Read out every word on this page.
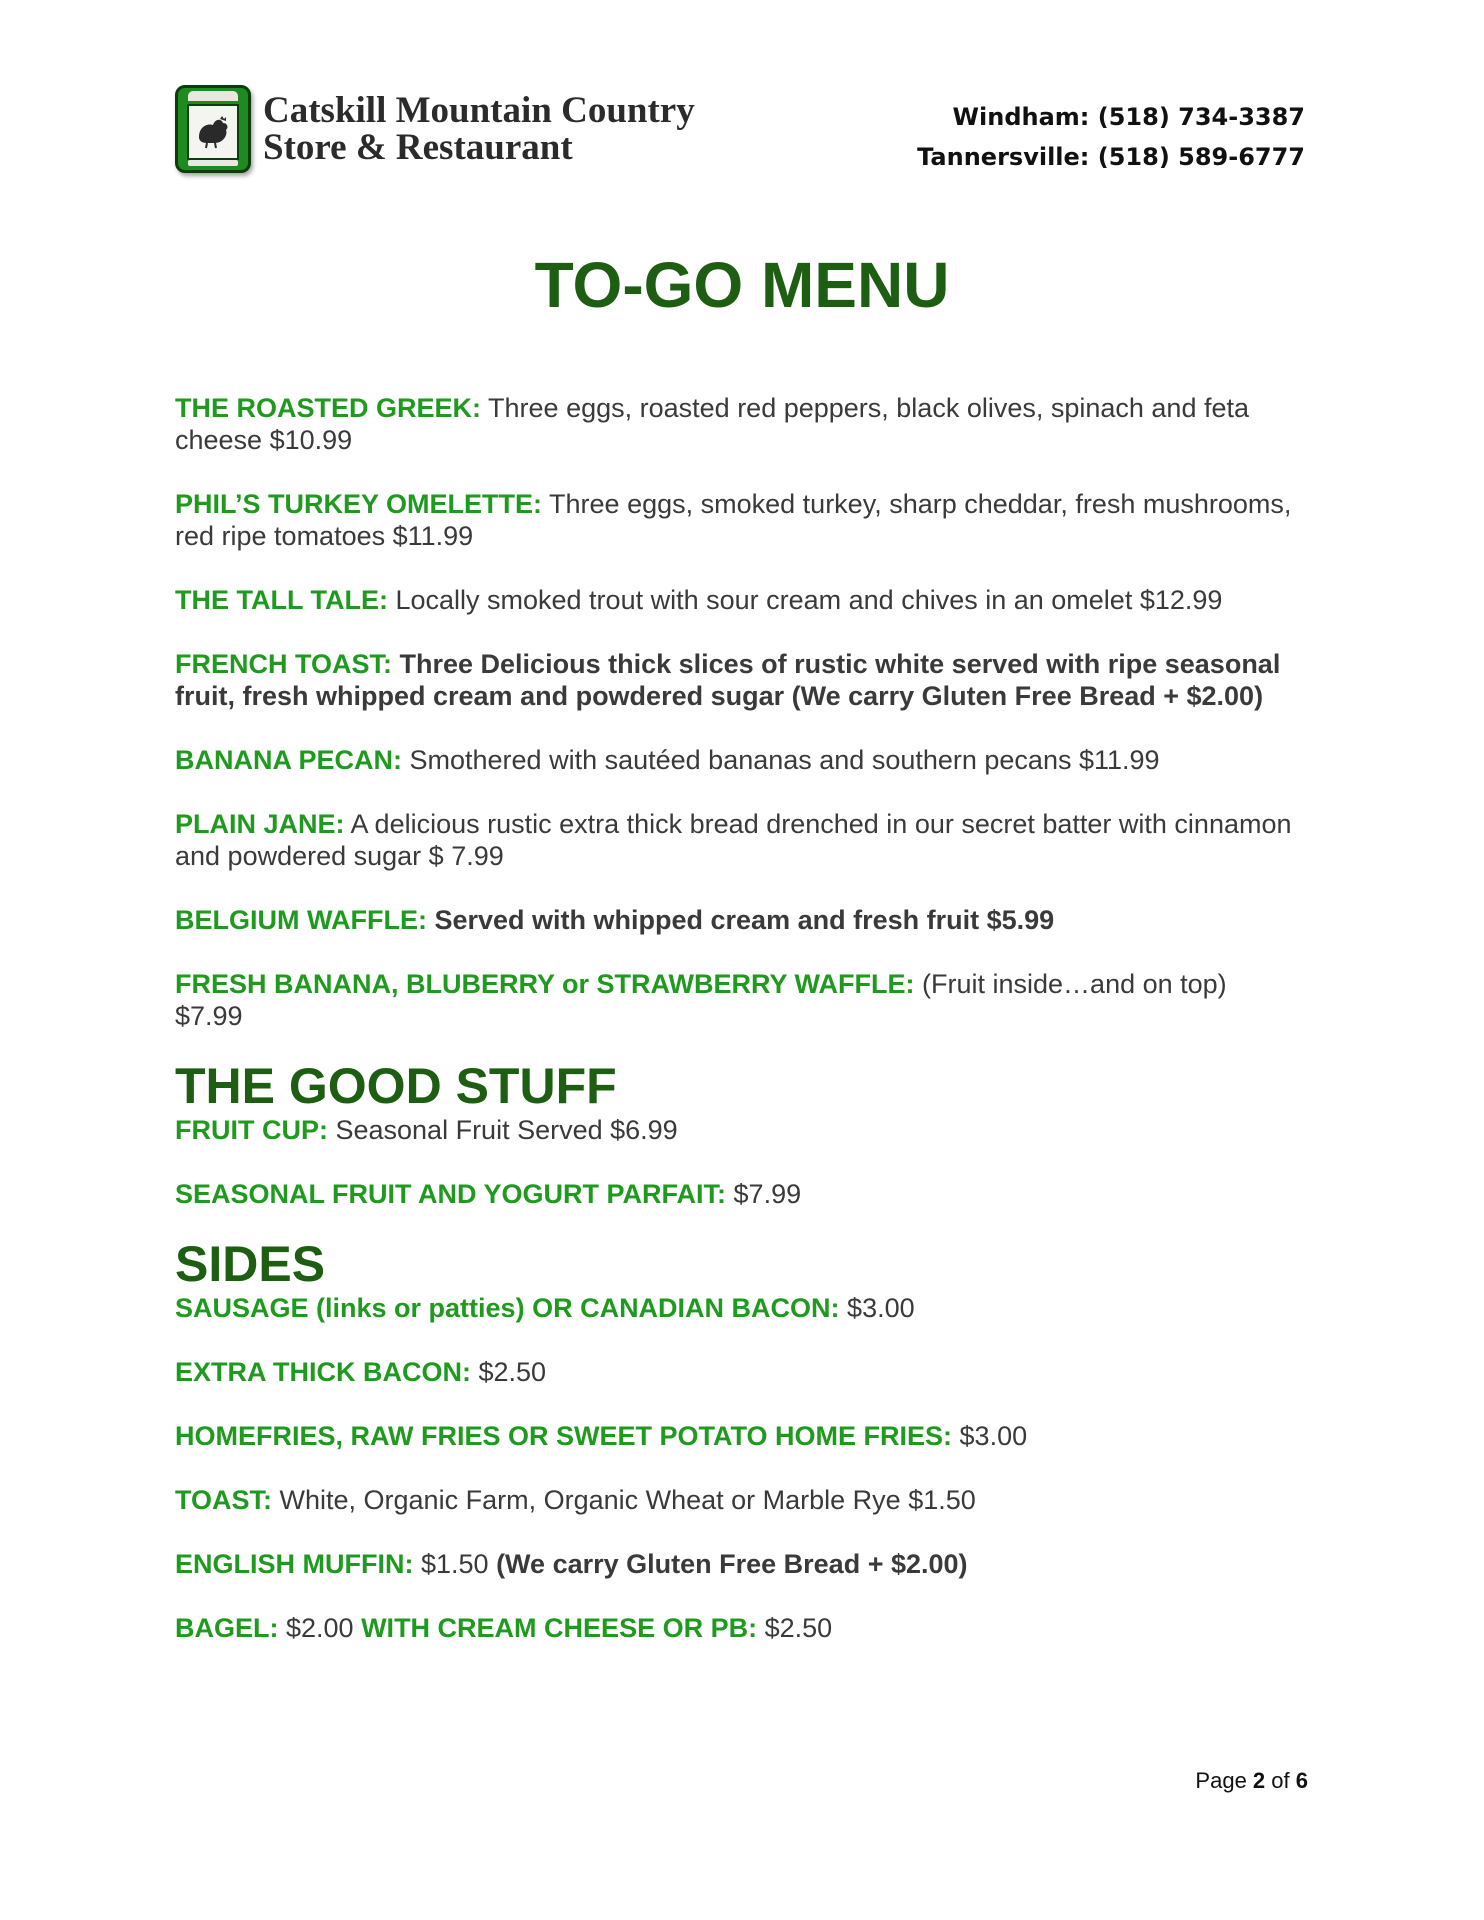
Catskill Mountain Country
Store & Restaurant
Windham: (518) 734-3387
Tannersville: (518) 589-6777
TO-GO MENU

THE ROASTED GREEK: Three eggs, roasted red peppers, black olives, spinach and feta cheese $10.99

PHIL’S TURKEY OMELETTE: Three eggs, smoked turkey, sharp cheddar, fresh mushrooms, red ripe tomatoes $11.99

THE TALL TALE: Locally smoked trout with sour cream and chives in an omelet $12.99

FRENCH TOAST: Three Delicious thick slices of rustic white served with ripe seasonal fruit, fresh whipped cream and powdered sugar (We carry Gluten Free Bread + $2.00)

BANANA PECAN: Smothered with sautéed bananas and southern pecans $11.99

PLAIN JANE: A delicious rustic extra thick bread drenched in our secret batter with cinnamon and powdered sugar $ 7.99

BELGIUM WAFFLE: Served with whipped cream and fresh fruit $5.99

FRESH BANANA, BLUBERRY or STRAWBERRY WAFFLE: (Fruit inside…and on top) $7.99

THE GOOD STUFF

FRUIT CUP: Seasonal Fruit Served $6.99

SEASONAL FRUIT AND YOGURT PARFAIT: $7.99

SIDES

SAUSAGE (links or patties) OR CANADIAN BACON: $3.00

EXTRA THICK BACON: $2.50

HOMEFRIES, RAW FRIES OR SWEET POTATO HOME FRIES: $3.00

TOAST: White, Organic Farm, Organic Wheat or Marble Rye $1.50

ENGLISH MUFFIN: $1.50 (We carry Gluten Free Bread + $2.00)

BAGEL: $2.00 WITH CREAM CHEESE OR PB: $2.50

Page 2 of 6
